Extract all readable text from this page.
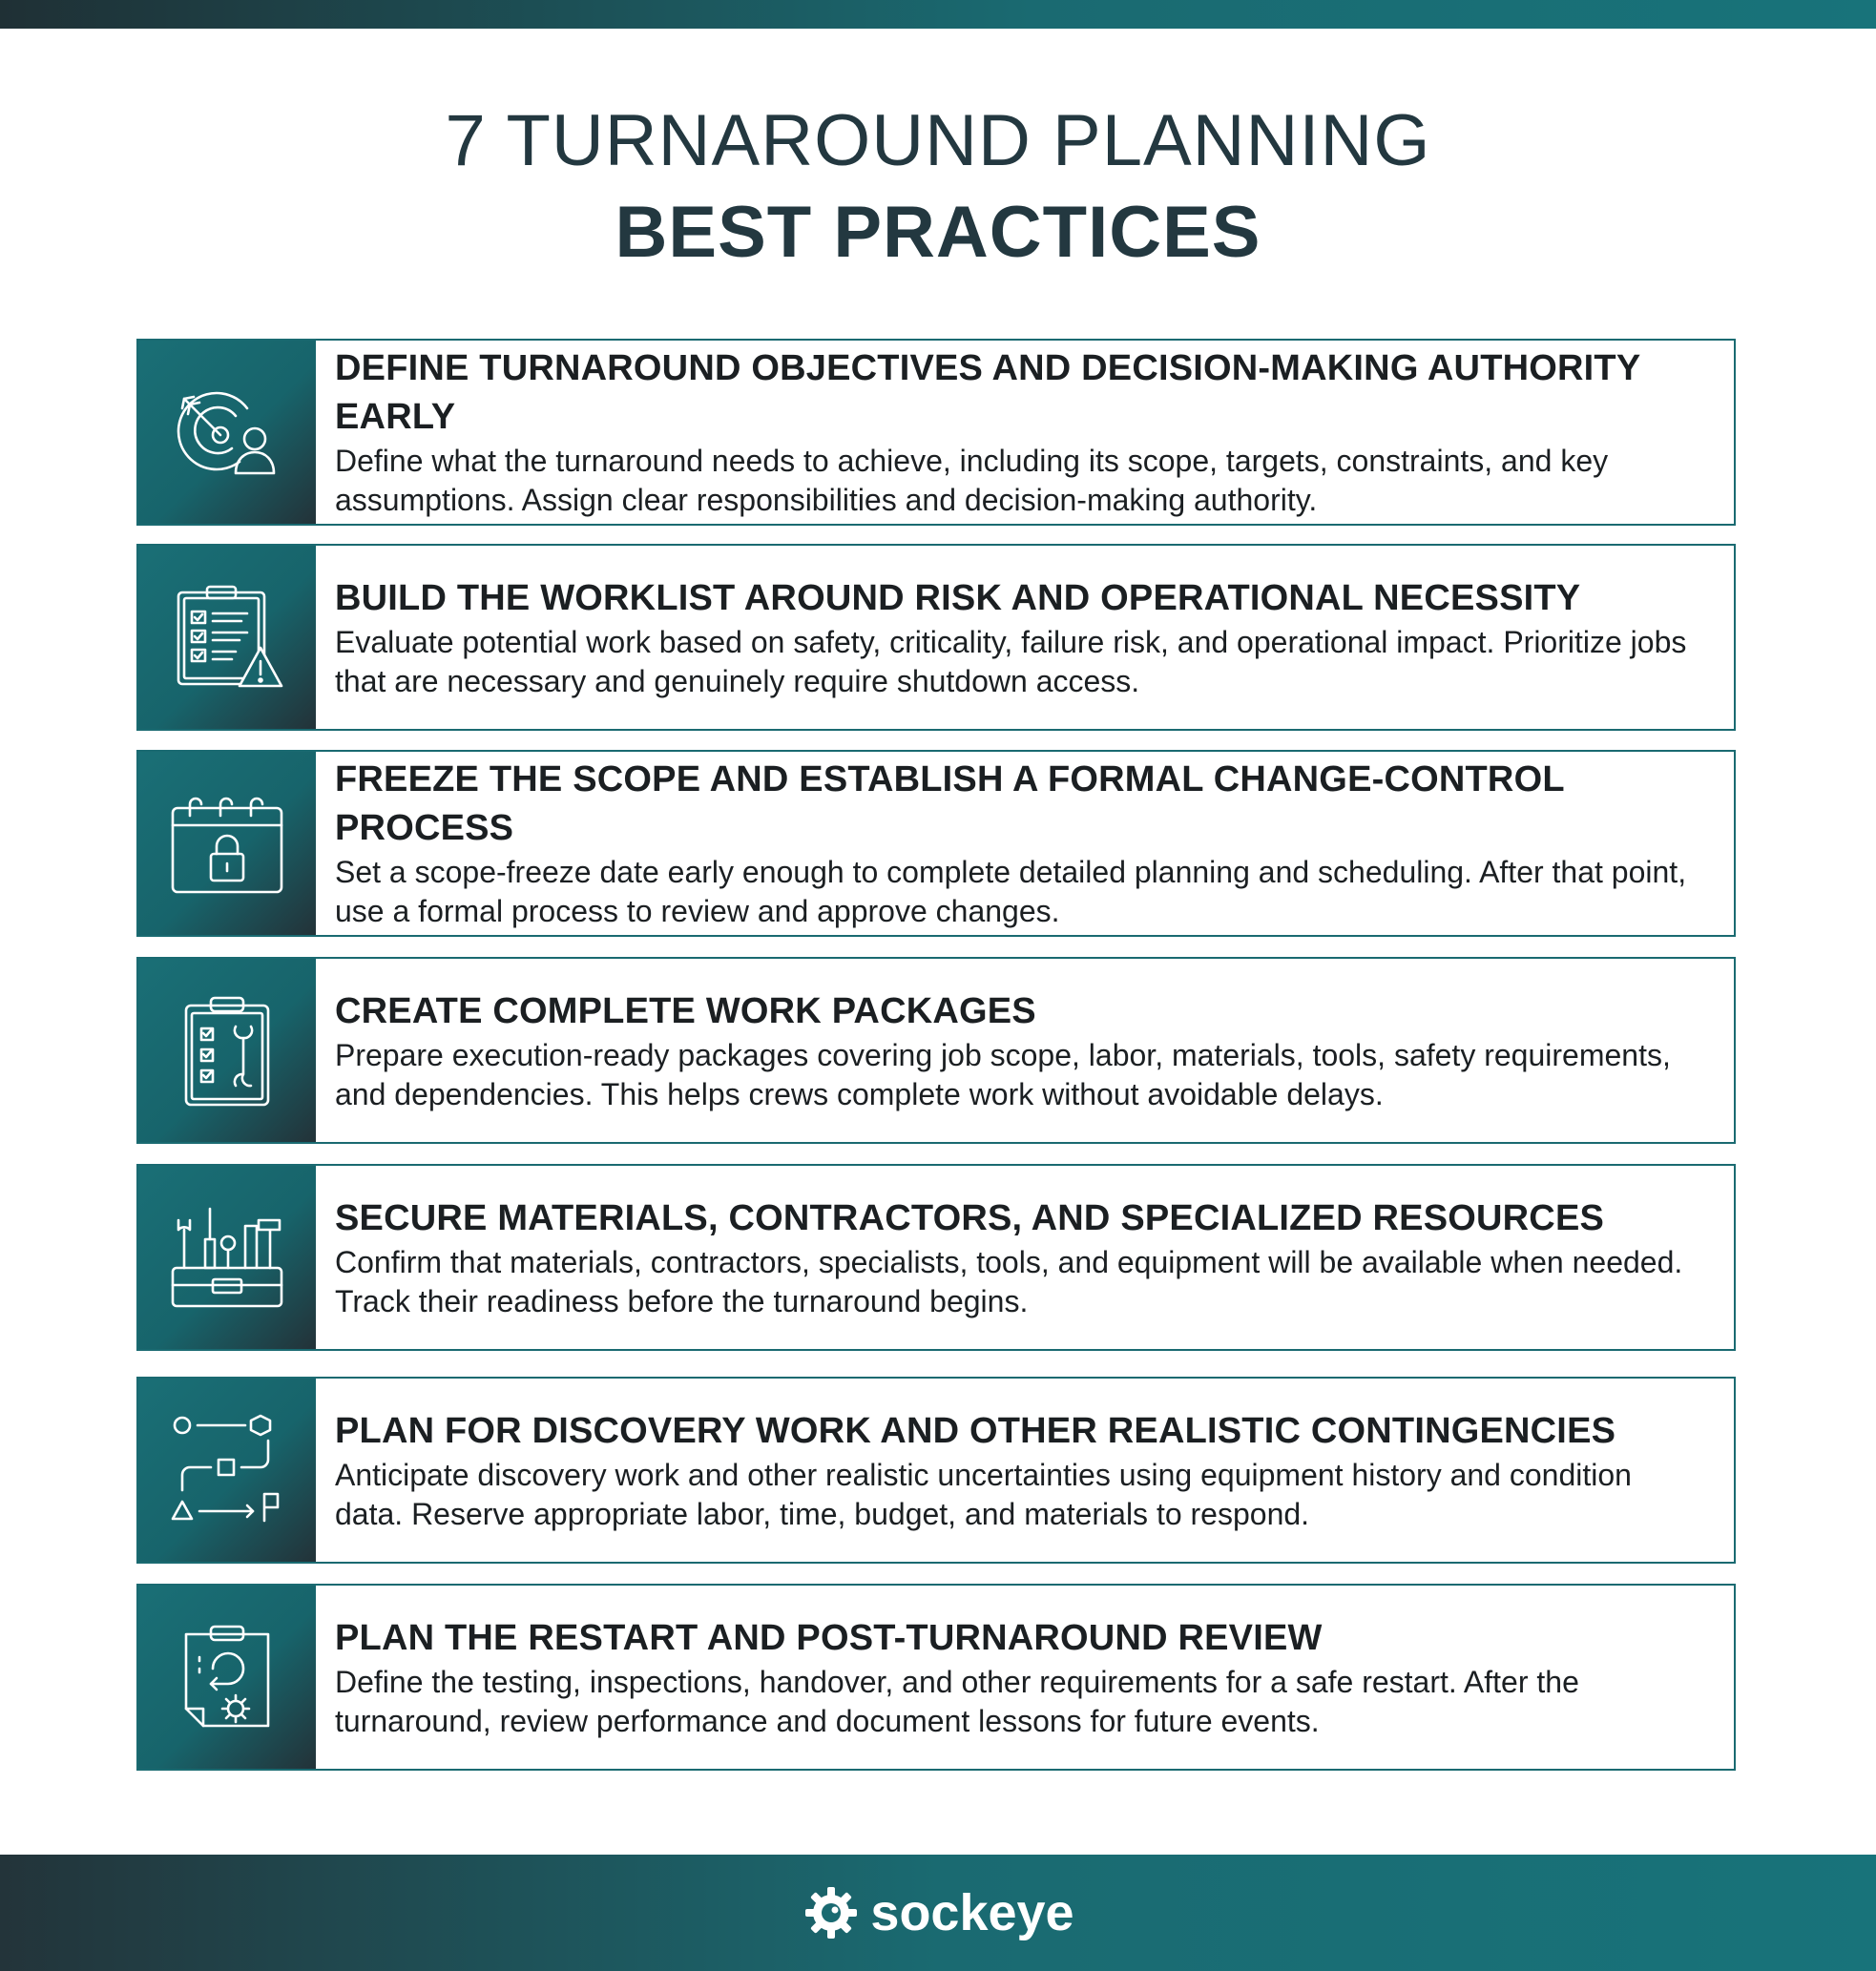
7 TURNAROUND PLANNING
BEST PRACTICES
DEFINE TURNAROUND OBJECTIVES AND DECISION-MAKING AUTHORITY EARLY
Define what the turnaround needs to achieve, including its scope, targets, constraints, and key assumptions. Assign clear responsibilities and decision-making authority.
BUILD THE WORKLIST AROUND RISK AND OPERATIONAL NECESSITY
Evaluate potential work based on safety, criticality, failure risk, and operational impact. Prioritize jobs that are necessary and genuinely require shutdown access.
FREEZE THE SCOPE AND ESTABLISH A FORMAL CHANGE-CONTROL PROCESS
Set a scope-freeze date early enough to complete detailed planning and scheduling. After that point, use a formal process to review and approve changes.
CREATE COMPLETE WORK PACKAGES
Prepare execution-ready packages covering job scope, labor, materials, tools, safety requirements, and dependencies. This helps crews complete work without avoidable delays.
SECURE MATERIALS, CONTRACTORS, AND SPECIALIZED RESOURCES
Confirm that materials, contractors, specialists, tools, and equipment will be available when needed. Track their readiness before the turnaround begins.
PLAN FOR DISCOVERY WORK AND OTHER REALISTIC CONTINGENCIES
Anticipate discovery work and other realistic uncertainties using equipment history and condition data. Reserve appropriate labor, time, budget, and materials to respond.
PLAN THE RESTART AND POST-TURNAROUND REVIEW
Define the testing, inspections, handover, and other requirements for a safe restart. After the turnaround, review performance and document lessons for future events.
sockeye
